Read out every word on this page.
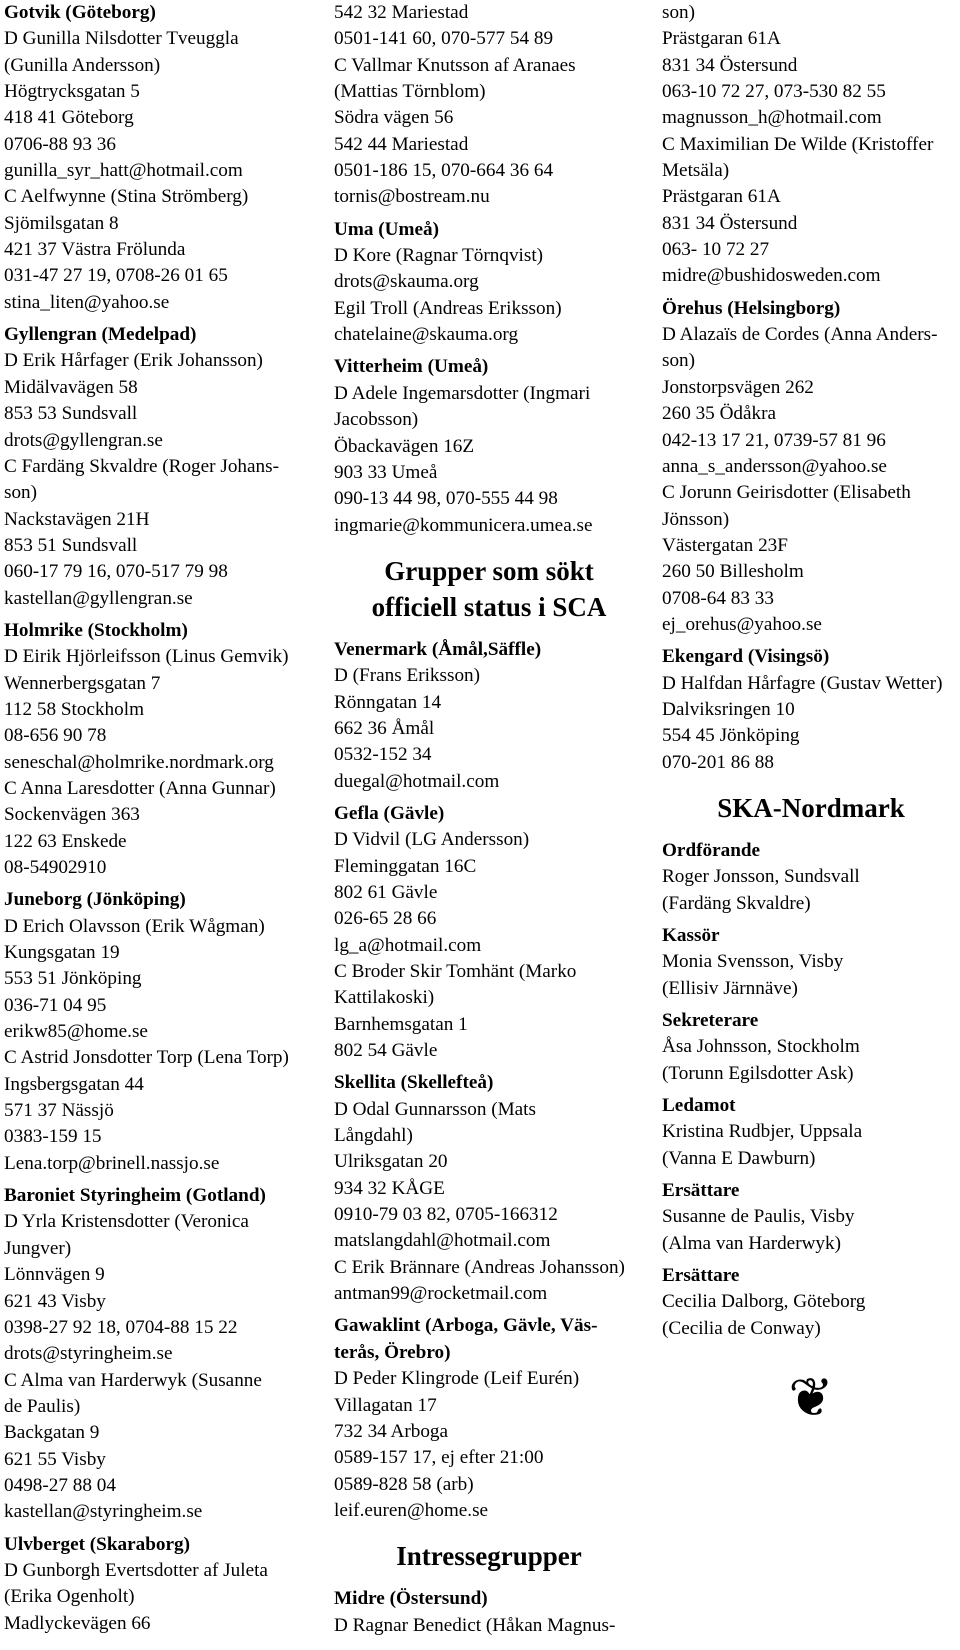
Gotvik (Göteborg)
D Gunilla Nilsdotter Tveuggla
(Gunilla Andersson)
Högtrycksgatan 5
418 41 Göteborg
0706-88 93 36
gunilla_syr_hatt@hotmail.com
C Aelfwynne (Stina Strömberg)
Sjömilsgatan 8
421 37 Västra Frölunda
031-47 27 19, 0708-26 01 65
stina_liten@yahoo.se
Gyllengran (Medelpad)
D Erik Hårfager (Erik Johansson)
Midälvavägen 58
853 53 Sundsvall
drots@gyllengran.se
C Fardäng Skvaldre (Roger Johans-
son)
Nackstavägen 21H
853 51 Sundsvall
060-17 79 16, 070-517 79 98
kastellan@gyllengran.se
Holmrike (Stockholm)
D Eirik Hjörleifsson (Linus Gemvik)
Wennerbergsgatan 7
112 58 Stockholm
08-656 90 78
seneschal@holmrike.nordmark.org
C Anna Laresdotter (Anna Gunnar)
Sockenvägen 363
122 63 Enskede
08-54902910
Juneborg (Jönköping)
D Erich Olavsson (Erik Wågman)
Kungsgatan 19
553 51 Jönköping
036-71 04 95
erikw85@home.se
C Astrid Jonsdotter Torp (Lena Torp)
Ingsbergsgatan 44
571 37 Nässjö
0383-159 15
Lena.torp@brinell.nassjo.se
Baroniet Styringheim (Gotland)
D Yrla Kristensdotter (Veronica
Jungver)
Lönnvägen 9
621 43 Visby
0398-27 92 18, 0704-88 15 22
drots@styringheim.se
C Alma van Harderwyk (Susanne
de Paulis)
Backgatan 9
621 55 Visby
0498-27 88 04
kastellan@styringheim.se
Ulvberget (Skaraborg)
D Gunborgh Evertsdotter af Juleta
(Erika Ogenholt)
Madlyckevägen 66
542 32 Mariestad
0501-141 60, 070-577 54 89
C Vallmar Knutsson af Aranaes
(Mattias Törnblom)
Södra vägen 56
542 44 Mariestad
0501-186 15, 070-664 36 64
tornis@bostream.nu
Uma (Umeå)
D Kore (Ragnar Törnqvist)
drots@skauma.org
Egil Troll (Andreas Eriksson)
chatelaine@skauma.org
Vitterheim (Umeå)
D Adele Ingemarsdotter (Ingmari
Jacobsson)
Öbackavägen 16Z
903 33 Umeå
090-13 44 98, 070-555 44 98
ingmarie@kommunicera.umea.se
Grupper som sökt
officiell status i SCA
Venermark (Åmål,Säffle)
D (Frans Eriksson)
Rönngatan 14
662 36 Åmål
0532-152 34
duegal@hotmail.com
Gefla (Gävle)
D Vidvil (LG Andersson)
Fleminggatan 16C
802 61 Gävle
026-65 28 66
lg_a@hotmail.com
C Broder Skir Tomhänt (Marko
Kattilakoski)
Barnhemsgatan 1
802 54 Gävle
Skellita (Skellefteå)
D Odal Gunnarsson (Mats
Långdahl)
Ulriksgatan 20
934 32 KÅGE
0910-79 03 82, 0705-166312
matslangdahl@hotmail.com
C Erik Brännare (Andreas Johansson)
antman99@rocketmail.com
Gawaklint (Arboga, Gävle, Väs-
terås, Örebro)
D Peder Klingrode (Leif Eurén)
Villagatan 17
732 34 Arboga
0589-157 17, ej efter 21:00
0589-828 58 (arb)
leif.euren@home.se
Intressegrupper
Midre (Östersund)
D Ragnar Benedict (Håkan Magnus-
son)
Prästgaran 61A
831 34 Östersund
063-10 72 27, 073-530 82 55
magnusson_h@hotmail.com
C Maximilian De Wilde (Kristoffer
Metsäla)
Prästgaran 61A
831 34 Östersund
063- 10 72 27
midre@bushidosweden.com
Örehus (Helsingborg)
D Alazaïs de Cordes (Anna Anders-
son)
Jonstorpsvägen 262
260 35 Ödåkra
042-13 17 21, 0739-57 81 96
anna_s_andersson@yahoo.se
C Jorunn Geirisdotter (Elisabeth
Jönsson)
Västergatan 23F
260 50 Billesholm
0708-64 83 33
ej_orehus@yahoo.se
Ekengard (Visingsö)
D Halfdan Hårfagre (Gustav Wetter)
Dalviksringen 10
554 45 Jönköping
070-201 86 88
SKA-Nordmark
Ordförande
Roger Jonsson, Sundsvall
(Fardäng Skvaldre)
Kassör
Monia Svensson, Visby
(Ellisiv Järnnäve)
Sekreterare
Åsa Johnsson, Stockholm
(Torunn Egilsdotter Ask)
Ledamot
Kristina Rudbjer, Uppsala
(Vanna E Dawburn)
Ersättare
Susanne de Paulis, Visby
(Alma van Harderwyk)
Ersättare
Cecilia Dalborg, Göteborg
(Cecilia de Conway)
❦
